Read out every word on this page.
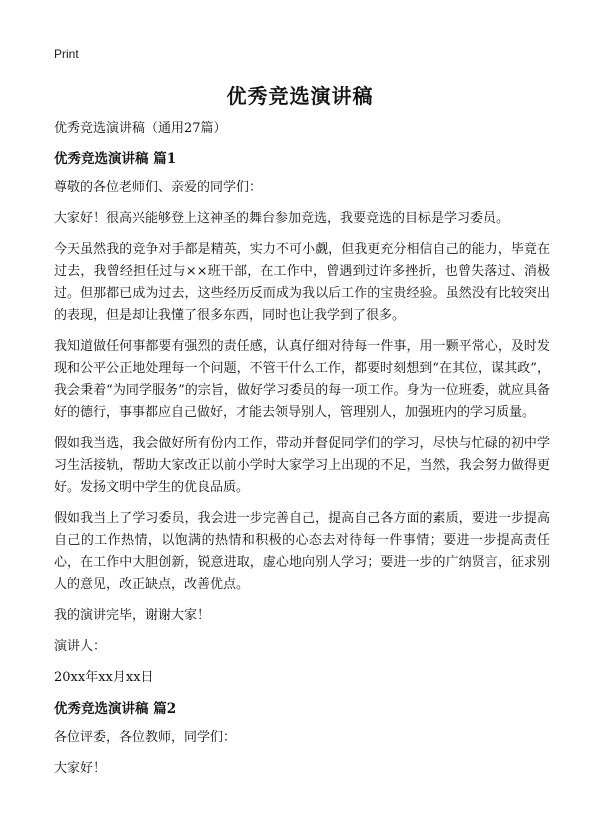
Print
优秀竞选演讲稿

优秀竞选演讲稿（通用27篇）

优秀竞选演讲稿 篇1

尊敬的各位老师们、亲爱的同学们：

大家好！很高兴能够登上这神圣的舞台参加竞选，我要竞选的目标是学习委员。

今天虽然我的竞争对手都是精英，实力不可小觑，但我更充分相信自己的能力，毕竟在过去，我曾经担任过与××班干部，在工作中，曾遇到过许多挫折，也曾失落过、消极过。但那都已成为过去，这些经历反而成为我以后工作的宝贵经验。虽然没有比较突出的表现，但是却让我懂了很多东西，同时也让我学到了很多。

我知道做任何事都要有强烈的责任感，认真仔细对待每一件事，用一颗平常心，及时发现和公平公正地处理每一个问题，不管干什么工作，都要时刻想到“在其位，谋其政”，我会秉着“为同学服务”的宗旨，做好学习委员的每一项工作。身为一位班委，就应具备好的德行，事事都应自己做好，才能去领导别人，管理别人，加强班内的学习质量。

假如我当选，我会做好所有份内工作，带动并督促同学们的学习，尽快与忙碌的初中学习生活接轨，帮助大家改正以前小学时大家学习上出现的不足，当然，我会努力做得更好。发扬文明中学生的优良品质。

假如我当上了学习委员，我会进一步完善自己，提高自己各方面的素质，要进一步提高自己的工作热情，以饱满的热情和积极的心态去对待每一件事情；要进一步提高责任心，在工作中大胆创新，锐意进取，虚心地向别人学习；要进一步的广纳贤言，征求别人的意见，改正缺点，改善优点。

我的演讲完毕，谢谢大家！

演讲人：

20xx年xx月xx日

优秀竞选演讲稿 篇2

各位评委，各位教师，同学们：

大家好！
